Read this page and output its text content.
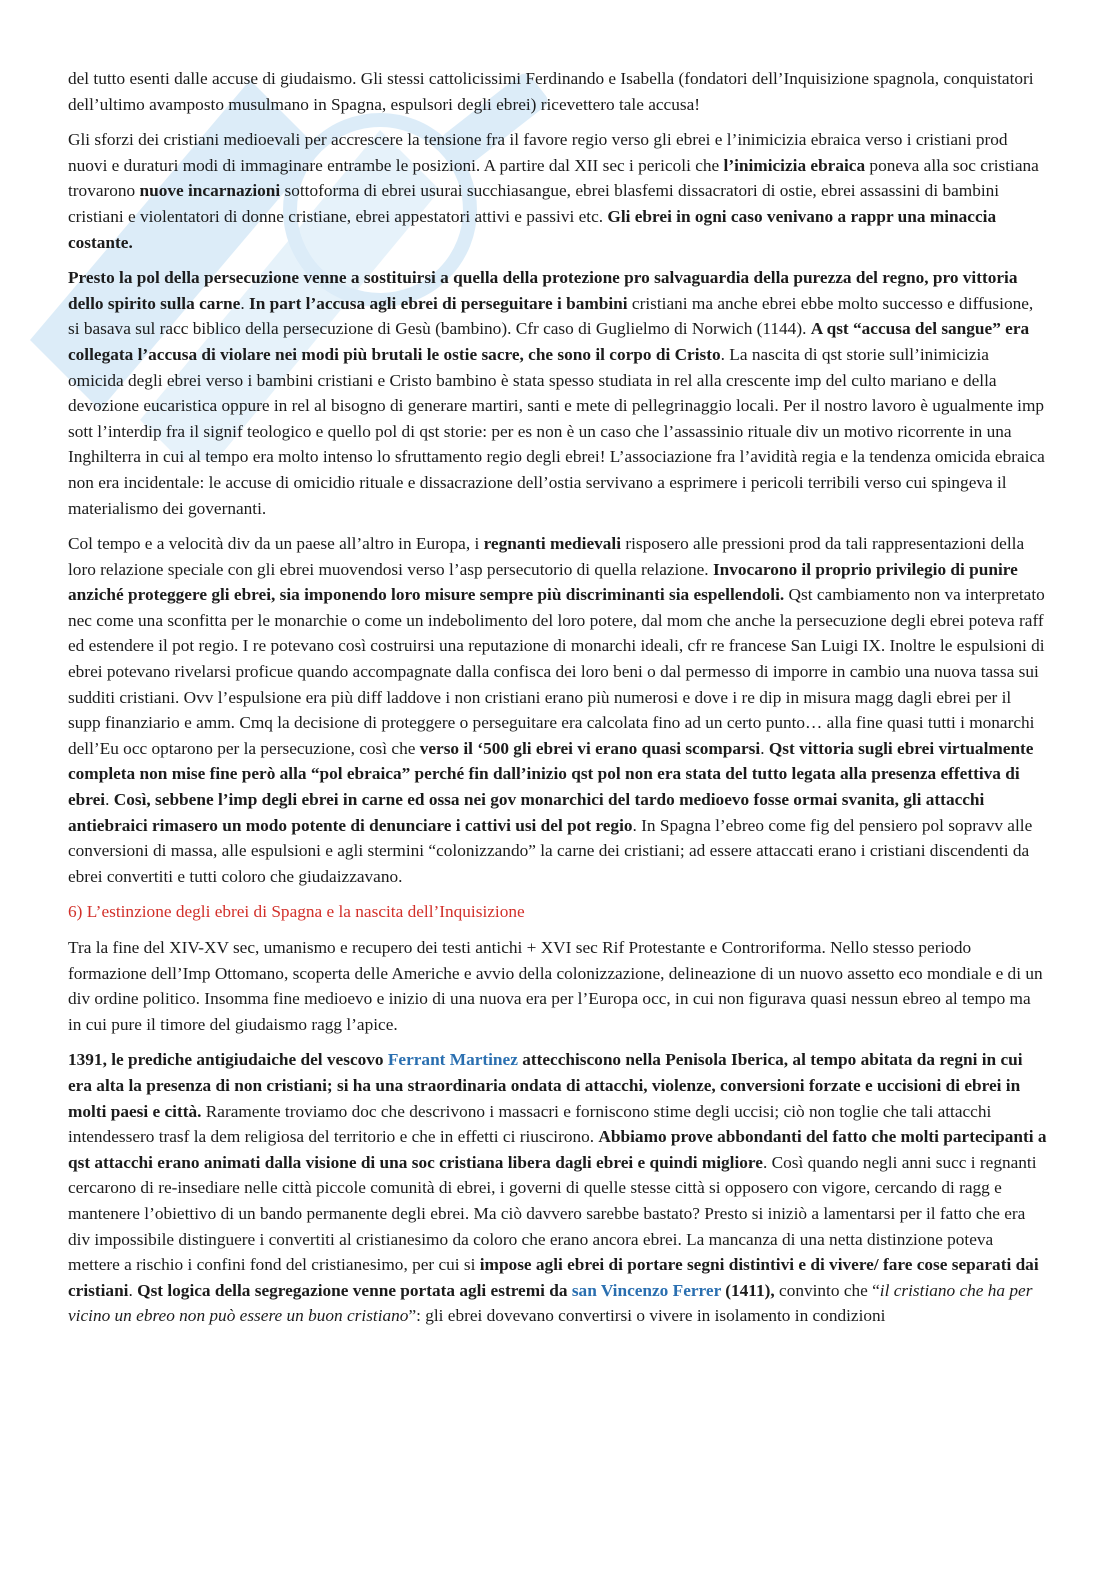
del tutto esenti dalle accuse di giudaismo. Gli stessi cattolicissimi Ferdinando e Isabella (fondatori dell’Inquisizione spagnola, conquistatori dell’ultimo avamposto musulmano in Spagna, espulsori degli ebrei) ricevettero tale accusa!

Gli sforzi dei cristiani medioevali per accrescere la tensione fra il favore regio verso gli ebrei e l’inimicizia ebraica verso i cristiani prod nuovi e duraturi modi di immaginare entrambe le posizioni. A partire dal XII sec i pericoli che l’inimicizia ebraica poneva alla soc cristiana trovarono nuove incarnazioni sottoforma di ebrei usurai succhiasangue, ebrei blasfemi dissacratori di ostie, ebrei assassini di bambini cristiani e violentatori di donne cristiane, ebrei appestatori attivi e passivi etc. Gli ebrei in ogni caso venivano a rappr una minaccia costante.

Presto la pol della persecuzione venne a sostituirsi a quella della protezione pro salvaguardia della purezza del regno, pro vittoria dello spirito sulla carne. In part l’accusa agli ebrei di perseguitare i bambini cristiani ma anche ebrei ebbe molto successo e diffusione, si basava sul racc biblico della persecuzione di Gesù (bambino). Cfr caso di Guglielmo di Norwich (1144). A qst “accusa del sangue” era collegata l’accusa di violare nei modi più brutali le ostie sacre, che sono il corpo di Cristo. La nascita di qst storie sull’inimicizia omicida degli ebrei verso i bambini cristiani e Cristo bambino è stata spesso studiata in rel alla crescente imp del culto mariano e della devozione eucaristica oppure in rel al bisogno di generare martiri, santi e mete di pellegrinaggio locali. Per il nostro lavoro è ugualmente imp sott l’interdip fra il signif teologico e quello pol di qst storie: per es non è un caso che l’assassinio rituale div un motivo ricorrente in una Inghilterra in cui al tempo era molto intenso lo sfruttamento regio degli ebrei! L’associazione fra l’avidità regia e la tendenza omicida ebraica non era incidentale: le accuse di omicidio rituale e dissacrazione dell’ostia servivano a esprimere i pericoli terribili verso cui spingeva il materialismo dei governanti.

Col tempo e a velocità div da un paese all’altro in Europa, i regnanti medievali risposero alle pressioni prod da tali rappresentazioni della loro relazione speciale con gli ebrei muovendosi verso l’asp persecutorio di quella relazione. Invocarono il proprio privilegio di punire anziché proteggere gli ebrei, sia imponendo loro misure sempre più discriminanti sia espellendoli. Qst cambiamento non va interpretato nec come una sconfitta per le monarchie o come un indebolimento del loro potere, dal mom che anche la persecuzione degli ebrei poteva raff ed estendere il pot regio. I re potevano così costruirsi una reputazione di monarchi ideali, cfr re francese San Luigi IX. Inoltre le espulsioni di ebrei potevano rivelarsi proficue quando accompagnate dalla confisca dei loro beni o dal permesso di imporre in cambio una nuova tassa sui sudditi cristiani. Ovv l’espulsione era più diff laddove i non cristiani erano più numerosi e dove i re dip in misura magg dagli ebrei per il supp finanziario e amm. Cmq la decisione di proteggere o perseguitare era calcolata fino ad un certo punto… alla fine quasi tutti i monarchi dell’Eu occ optarono per la persecuzione, così che verso il ‘500 gli ebrei vi erano quasi scomparsi. Qst vittoria sugli ebrei virtualmente completa non mise fine però alla “pol ebraica” perché fin dall’inizio qst pol non era stata del tutto legata alla presenza effettiva di ebrei. Così, sebbene l’imp degli ebrei in carne ed ossa nei gov monarchici del tardo medioevo fosse ormai svanita, gli attacchi antiebraici rimasero un modo potente di denunciare i cattivi usi del pot regio. In Spagna l’ebreo come fig del pensiero pol sopravv alle conversioni di massa, alle espulsioni e agli stermini “colonizzando” la carne dei cristiani; ad essere attaccati erano i cristiani discendenti da ebrei convertiti e tutti coloro che giudaizzavano.

6) L’estinzione degli ebrei di Spagna e la nascita dell’Inquisizione

Tra la fine del XIV-XV sec, umanismo e recupero dei testi antichi + XVI sec Rif Protestante e Controriforma. Nello stesso periodo formazione dell’Imp Ottomano, scoperta delle Americhe e avvio della colonizzazione, delineazione di un nuovo assetto eco mondiale e di un div ordine politico. Insomma fine medioevo e inizio di una nuova era per l’Europa occ, in cui non figurava quasi nessun ebreo al tempo ma in cui pure il timore del giudaismo ragg l’apice.

1391, le prediche antigiudaiche del vescovo Ferrant Martinez attecchiscono nella Penisola Iberica, al tempo abitata da regni in cui era alta la presenza di non cristiani; si ha una straordinaria ondata di attacchi, violenze, conversioni forzate e uccisioni di ebrei in molti paesi e città. Raramente troviamo doc che descrivono i massacri e forniscono stime degli uccisi; ciò non toglie che tali attacchi intendessero trasf la dem religiosa del territorio e che in effetti ci riuscirono. Abbiamo prove abbondanti del fatto che molti partecipanti a qst attacchi erano animati dalla visione di una soc cristiana libera dagli ebrei e quindi migliore. Così quando negli anni succ i regnanti cercarono di re-insediare nelle città piccole comunità di ebrei, i governi di quelle stesse città si opposero con vigore, cercando di ragg e mantenere l’obiettivo di un bando permanente degli ebrei. Ma ciò davvero sarebbe bastato? Presto si iniziò a lamentarsi per il fatto che era div impossibile distinguere i convertiti al cristianesimo da coloro che erano ancora ebrei. La mancanza di una netta distinzione poteva mettere a rischio i confini fond del cristianesimo, per cui si impose agli ebrei di portare segni distintivi e di vivere/ fare cose separati dai cristiani. Qst logica della segregazione venne portata agli estremi da san Vincenzo Ferrer (1411), convinto che “il cristiano che ha per vicino un ebreo non può essere un buon cristiano”: gli ebrei dovevano convertirsi o vivere in isolamento in condizioni
